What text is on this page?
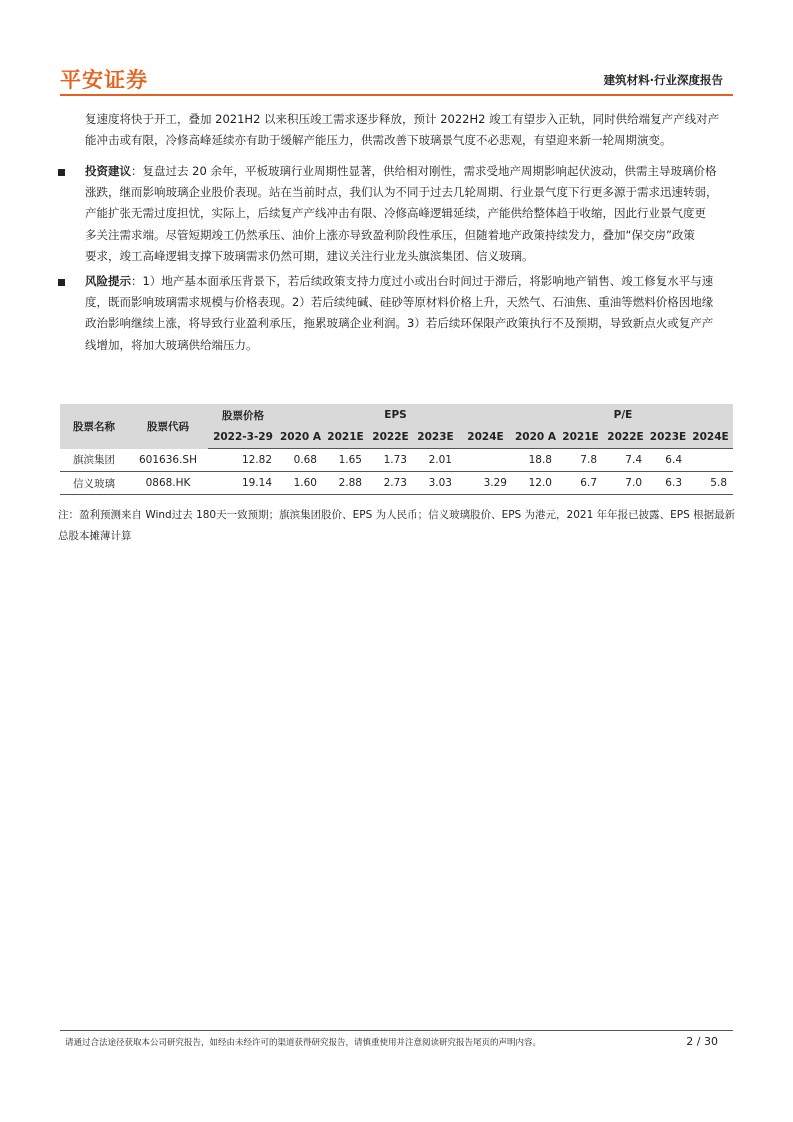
平安证券	建筑材料·行业深度报告
复速度将快于开工，叠加 2021H2 以来积压竣工需求逐步释放，预计 2022H2 竣工有望步入正轨，同时供给端复产产线对产
能冲击或有限，冷修高峰延续亦有助于缓解产能压力，供需改善下玻璃景气度不必悲观，有望迎来新一轮周期演变。
投资建议：复盘过去 20 余年，平板玻璃行业周期性显著，供给相对刚性，需求受地产周期影响起伏波动，供需主导玻璃价格
涨跌，继而影响玻璃企业股价表现。站在当前时点，我们认为不同于过去几轮周期、行业景气度下行更多源于需求迅速转弱，
产能扩张无需过度担忧，实际上，后续复产产线冲击有限、冷修高峰逻辑延续，产能供给整体趋于收缩，因此行业景气度更
多关注需求端。尽管短期竣工仍然承压、油价上涨亦导致盈利阶段性承压，但随着地产政策持续发力，叠加“保交房”政策
要求，竣工高峰逻辑支撑下玻璃需求仍然可期，建议关注行业龙头旗滨集团、信义玻璃。
风险提示：1）地产基本面承压背景下，若后续政策支持力度过小或出台时间过于滞后，将影响地产销售、竣工修复水平与速
度，既而影响玻璃需求规模与价格表现。2）若后续纯碱、硅砂等原材料价格上升，天然气、石油焦、重油等燃料价格因地缘
政治影响继续上涨，将导致行业盈利承压，拖累玻璃企业利润。3）若后续环保限产政策执行不及预期，导致新点火或复产产
线增加，将加大玻璃供给端压力。
股票名称	股票代码	股票价格	EPS					P/E				
		2022-3-29	2020 A	2021E	2022E	2023E	2024E	2020 A	2021E	2022E	2023E	2024E
旗滨集团	601636.SH	12.82	0.68	1.65	1.73	2.01		18.8	7.8	7.4	6.4	
信义玻璃	0868.HK	19.14	1.60	2.88	2.73	3.03	3.29	12.0	6.7	7.0	6.3	5.8
注：盈利预测来自 Wind过去 180天一致预期；旗滨集团股价、EPS 为人民币；信义玻璃股价、EPS 为港元，2021 年年报已披露、EPS 根据最新
总股本摊薄计算
请通过合法途径获取本公司研究报告，如经由未经许可的渠道获得研究报告，请慎重使用并注意阅读研究报告尾页的声明内容。	2 / 30
